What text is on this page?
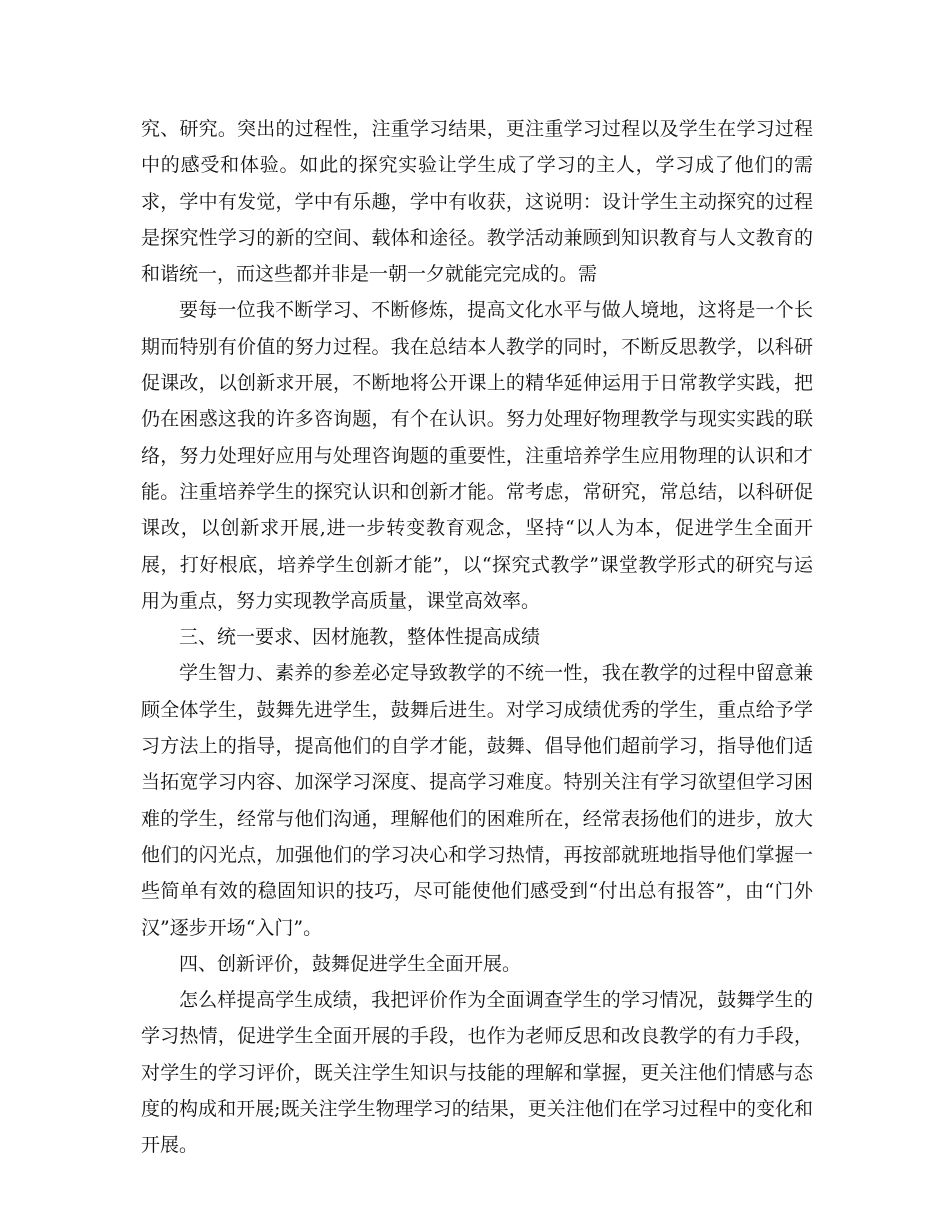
究、研究。突出的过程性，注重学习结果，更注重学习过程以及学生在学习过程中的感受和体验。如此的探究实验让学生成了学习的主人，学习成了他们的需求，学中有发觉，学中有乐趣，学中有收获，这说明：设计学生主动探究的过程是探究性学习的新的空间、载体和途径。教学活动兼顾到知识教育与人文教育的和谐统一，而这些都并非是一朝一夕就能完完成的。需

要每一位我不断学习、不断修炼，提高文化水平与做人境地，这将是一个长期而特别有价值的努力过程。我在总结本人教学的同时，不断反思教学，以科研促课改，以创新求开展，不断地将公开课上的精华延伸运用于日常教学实践，把仍在困惑这我的许多咨询题，有个在认识。努力处理好物理教学与现实实践的联络，努力处理好应用与处理咨询题的重要性，注重培养学生应用物理的认识和才能。注重培养学生的探究认识和创新才能。常考虑，常研究，常总结，以科研促课改，以创新求开展,进一步转变教育观念，坚持“以人为本，促进学生全面开展，打好根底，培养学生创新才能”，以“探究式教学”课堂教学形式的研究与运用为重点，努力实现教学高质量，课堂高效率。

三、统一要求、因材施教，整体性提高成绩

学生智力、素养的参差必定导致教学的不统一性，我在教学的过程中留意兼顾全体学生，鼓舞先进学生，鼓舞后进生。对学习成绩优秀的学生，重点给予学习方法上的指导，提高他们的自学才能，鼓舞、倡导他们超前学习，指导他们适当拓宽学习内容、加深学习深度、提高学习难度。特别关注有学习欲望但学习困难的学生，经常与他们沟通，理解他们的困难所在，经常表扬他们的进步，放大他们的闪光点，加强他们的学习决心和学习热情，再按部就班地指导他们掌握一些简单有效的稳固知识的技巧，尽可能使他们感受到“付出总有报答”，由“门外汉”逐步开场“入门”。

四、创新评价，鼓舞促进学生全面开展。

怎么样提高学生成绩，我把评价作为全面调查学生的学习情况，鼓舞学生的学习热情，促进学生全面开展的手段，也作为老师反思和改良教学的有力手段，对学生的学习评价，既关注学生知识与技能的理解和掌握，更关注他们情感与态度的构成和开展;既关注学生物理学习的结果，更关注他们在学习过程中的变化和开展。
